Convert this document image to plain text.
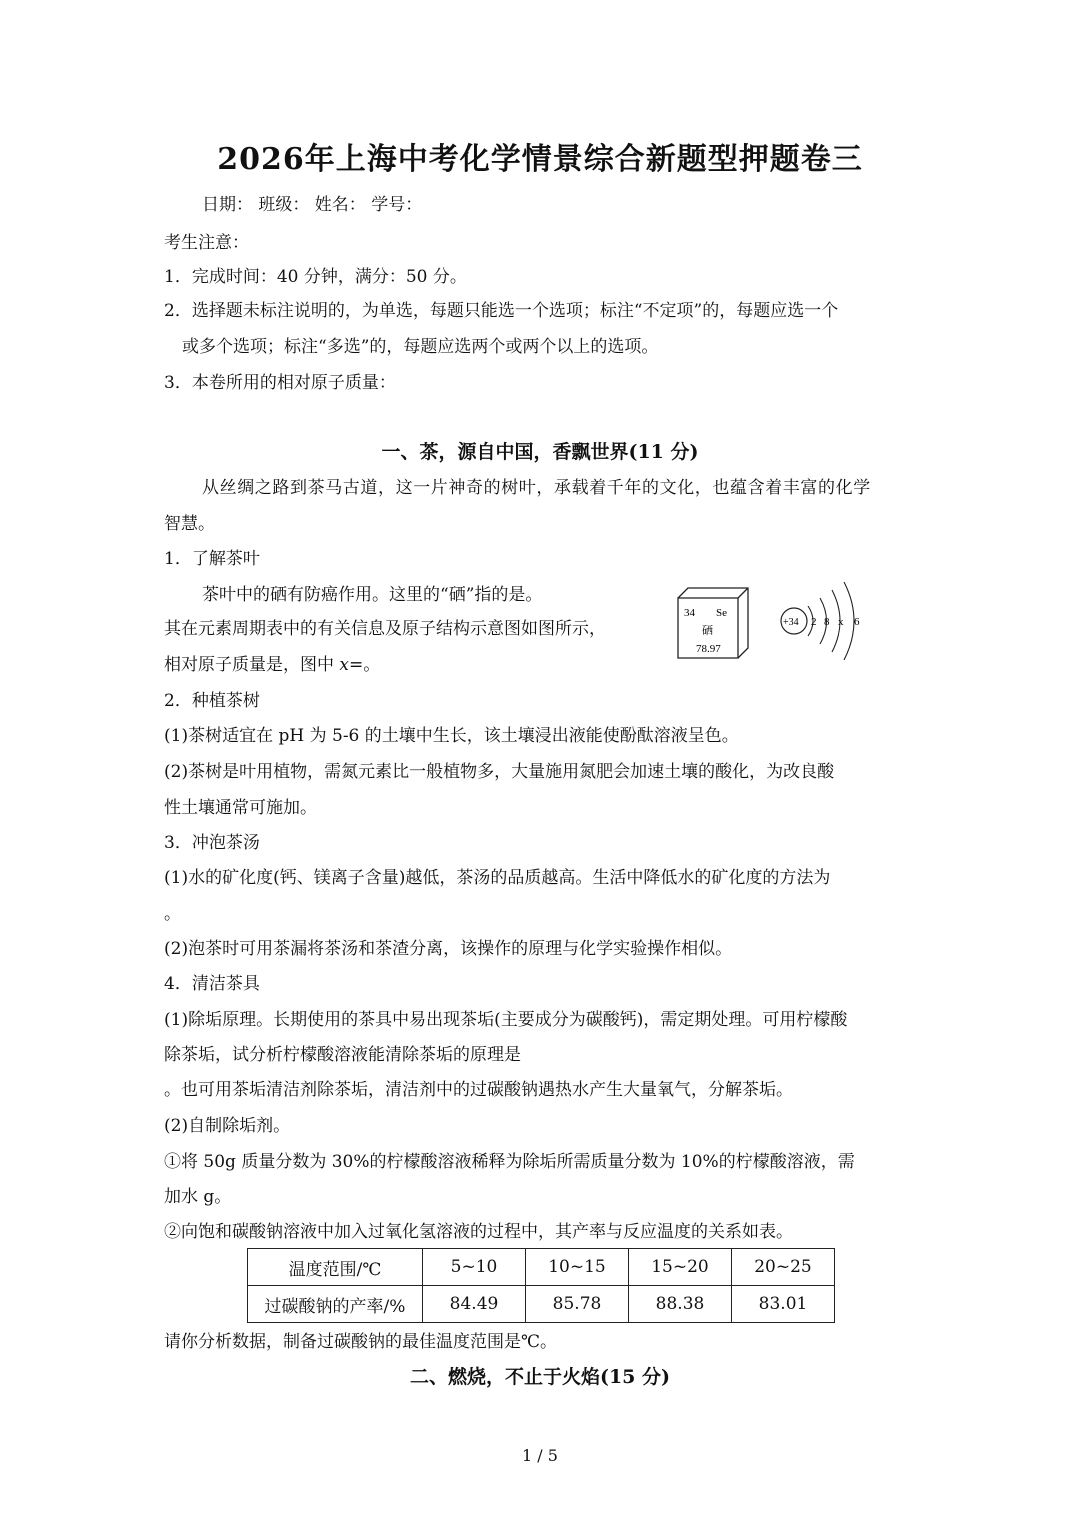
2026年上海中考化学情景综合新题型押题卷三
日期： 班级： 姓名： 学号：
考生注意：
1．完成时间：40 分钟，满分：50 分。
2．选择题未标注说明的，为单选，每题只能选一个选项；标注“不定项”的，每题应选一个
或多个选项；标注“多选”的，每题应选两个或两个以上的选项。
3．本卷所用的相对原子质量：
一、茶，源自中国，香飘世界(11 分)
从丝绸之路到茶马古道，这一片神奇的树叶，承载着千年的文化，也蕴含着丰富的化学
智慧。
1．了解茶叶
茶叶中的硒有防癌作用。这里的“硒”指的是。
其在元素周期表中的有关信息及原子结构示意图如图所示，
相对原子质量是，图中 x=。
34 Se
硒
78.97
+34 2 8 x 6
2．种植茶树
(1)茶树适宜在 pH 为 5-6 的土壤中生长，该土壤浸出液能使酚酞溶液呈色。
(2)茶树是叶用植物，需氮元素比一般植物多，大量施用氮肥会加速土壤的酸化，为改良酸
性土壤通常可施加。
3．冲泡茶汤
(1)水的矿化度(钙、镁离子含量)越低，茶汤的品质越高。生活中降低水的矿化度的方法为
。
(2)泡茶时可用茶漏将茶汤和茶渣分离，该操作的原理与化学实验操作相似。
4．清洁茶具
(1)除垢原理。长期使用的茶具中易出现茶垢(主要成分为碳酸钙)，需定期处理。可用柠檬酸
除茶垢，试分析柠檬酸溶液能清除茶垢的原理是
。也可用茶垢清洁剂除茶垢，清洁剂中的过碳酸钠遇热水产生大量氧气，分解茶垢。
(2)自制除垢剂。
①将 50g 质量分数为 30%的柠檬酸溶液稀释为除垢所需质量分数为 10%的柠檬酸溶液，需
加水 g。
②向饱和碳酸钠溶液中加入过氧化氢溶液的过程中，其产率与反应温度的关系如表。
温度范围/℃	5~10	10~15	15~20	20~25
过碳酸钠的产率/%	84.49	85.78	88.38	83.01
请你分析数据，制备过碳酸钠的最佳温度范围是℃。
二、燃烧，不止于火焰(15 分)
1 / 5
